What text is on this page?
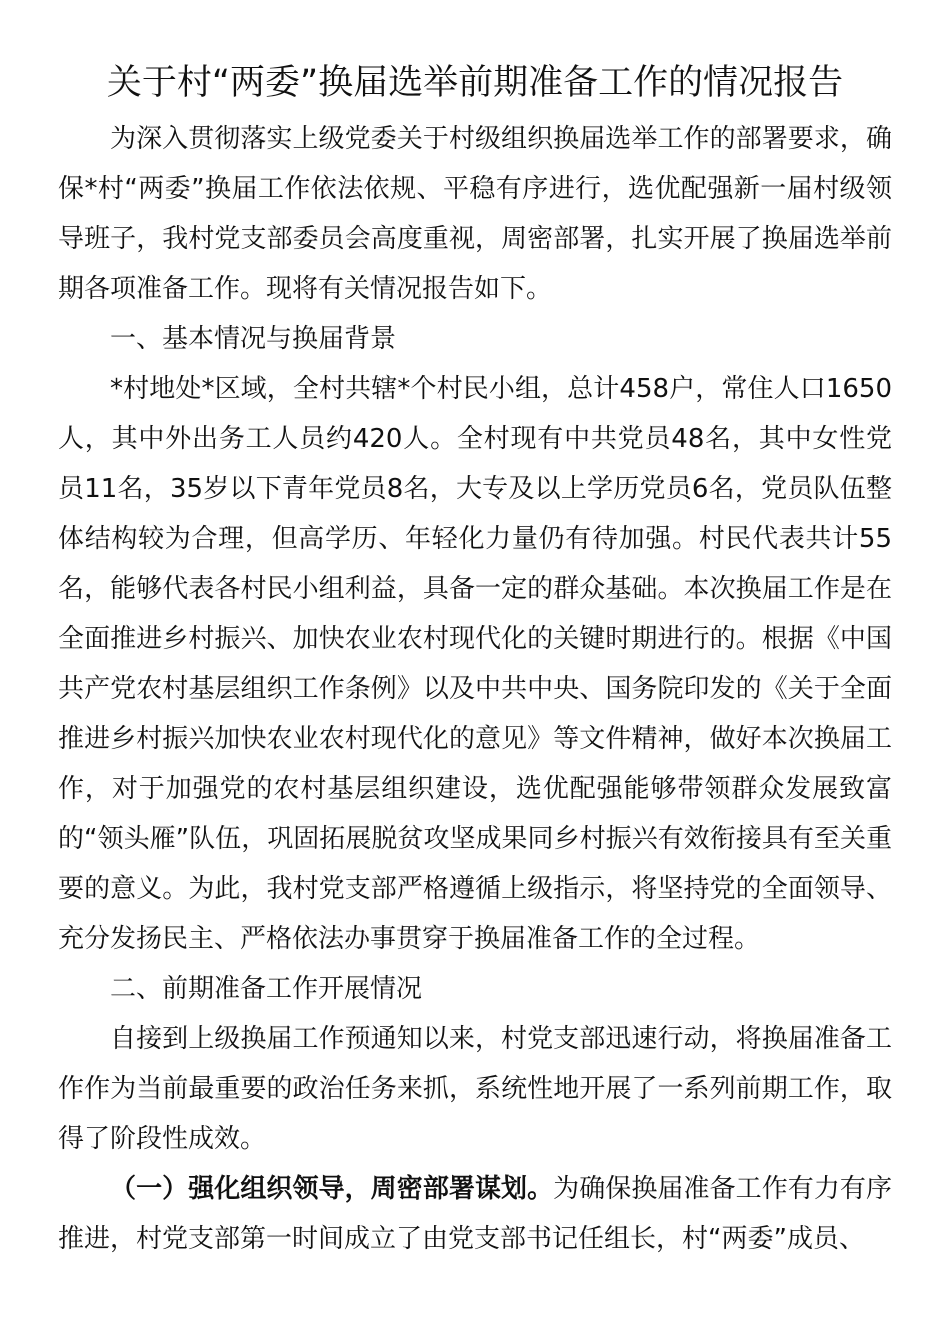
关于村“两委”换届选举前期准备工作的情况报告

为深入贯彻落实上级党委关于村级组织换届选举工作的部署要求，确保*村“两委”换届工作依法依规、平稳有序进行，选优配强新一届村级领导班子，我村党支部委员会高度重视，周密部署，扎实开展了换届选举前期各项准备工作。现将有关情况报告如下。

一、基本情况与换届背景

*村地处*区域，全村共辖*个村民小组，总计458户，常住人口1650人，其中外出务工人员约420人。全村现有中共党员48名，其中女性党员11名，35岁以下青年党员8名，大专及以上学历党员6名，党员队伍整体结构较为合理，但高学历、年轻化力量仍有待加强。村民代表共计55名，能够代表各村民小组利益，具备一定的群众基础。本次换届工作是在全面推进乡村振兴、加快农业农村现代化的关键时期进行的。根据《中国共产党农村基层组织工作条例》以及中共中央、国务院印发的《关于全面推进乡村振兴加快农业农村现代化的意见》等文件精神，做好本次换届工作，对于加强党的农村基层组织建设，选优配强能够带领群众发展致富的“领头雁”队伍，巩固拓展脱贫攻坚成果同乡村振兴有效衔接具有至关重要的意义。为此，我村党支部严格遵循上级指示，将坚持党的全面领导、充分发扬民主、严格依法办事贯穿于换届准备工作的全过程。

二、前期准备工作开展情况

自接到上级换届工作预通知以来，村党支部迅速行动，将换届准备工作作为当前最重要的政治任务来抓，系统性地开展了一系列前期工作，取得了阶段性成效。

（一）强化组织领导，周密部署谋划。为确保换届准备工作有力有序推进，村党支部第一时间成立了由党支部书记任组长，村“两委”成员、
